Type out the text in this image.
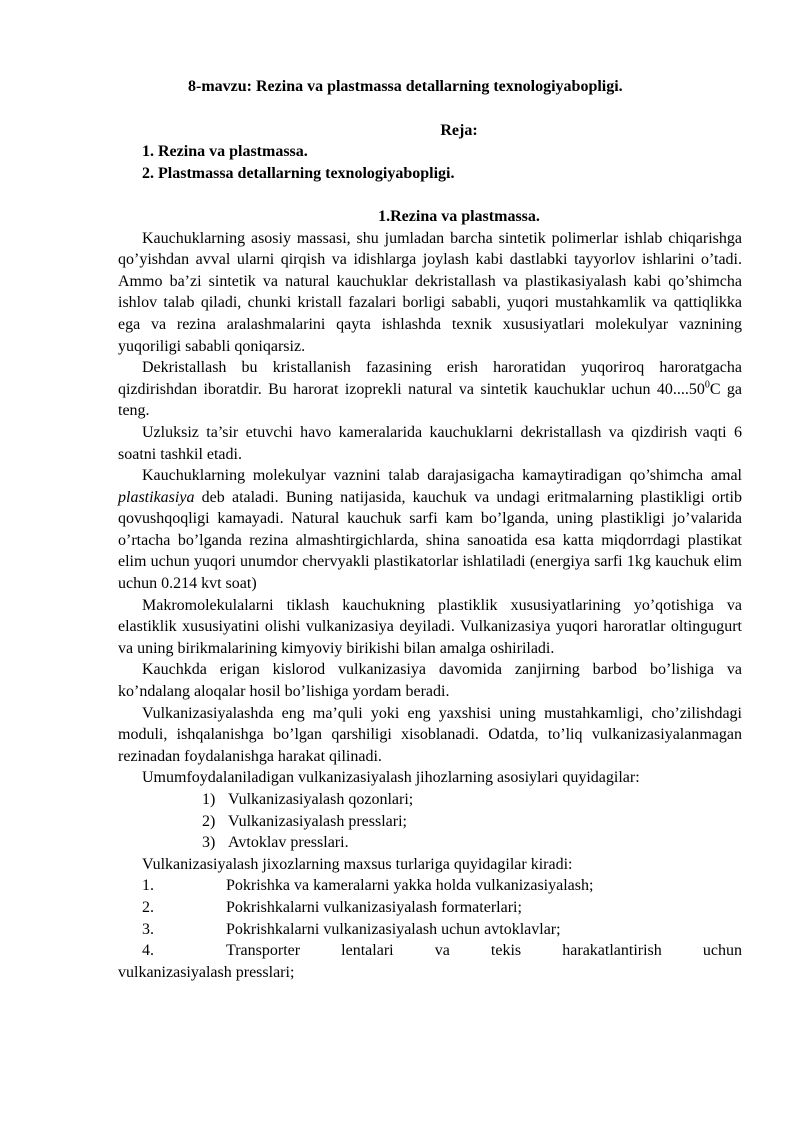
8-mavzu: Rezina va plastmassa detallarning texnologiyabopligi.
Reja:
1. Rezina va plastmassa.
2. Plastmassa detallarning texnologiyabopligi.
1.Rezina va plastmassa.

Kauchuklarning asosiy massasi, shu jumladan barcha sintetik polimerlar ishlab chiqarishga qo’yishdan avval ularni qirqish va idishlarga joylash kabi dastlabki tayyorlov ishlarini o’tadi. Ammo ba’zi sintetik va natural kauchuklar dekristallash va plastikasiyalash kabi qo’shimcha ishlov talab qiladi, chunki kristall fazalari borligi sababli, yuqori mustahkamlik va qattiqlikka ega va rezina aralashmalarini qayta ishlashda texnik xususiyatlari molekulyar vaznining yuqoriligi sababli qoniqarsiz.

Dekristallash bu kristallanish fazasining erish haroratidan yuqoriroq haroratgacha qizdirishdan iboratdir. Bu harorat izoprekli natural va sintetik kauchuklar uchun 40....50$^0$C ga teng.

Uzluksiz ta’sir etuvchi havo kameralarida kauchuklarni dekristallash va qizdirish vaqti 6 soatni tashkil etadi.

Kauchuklarning molekulyar vaznini talab darajasigacha kamaytiradigan qo’shimcha amal plastikasiya deb ataladi. Buning natijasida, kauchuk va undagi eritmalarning plastikligi ortib qovushqoqligi kamayadi. Natural kauchuk sarfi kam bo’lganda, uning plastikligi jo’valarida o’rtacha bo’lganda rezina almashtirgichlarda, shina sanoatida esa katta miqdorrdagi plastikat elim uchun yuqori unumdor chervyakli plastikatorlar ishlatiladi (energiya sarfi 1kg kauchuk elim uchun 0.214 kvt soat)

Makromolekulalarni tiklash kauchukning plastiklik xususiyatlarining yo’qotishiga va elastiklik xususiyatini olishi vulkanizasiya deyiladi. Vulkanizasiya yuqori haroratlar oltingugurt va uning birikmalarining kimyoviy birikishi bilan amalga oshiriladi.

Kauchkda erigan kislorod vulkanizasiya davomida zanjirning barbod bo’lishiga va ko’ndalang aloqalar hosil bo’lishiga yordam beradi.

Vulkanizasiyalashda eng ma’quli yoki eng yaxshisi uning mustahkamligi, cho’zilishdagi moduli, ishqalanishga bo’lgan qarshiligi xisoblanadi. Odatda, to’liq vulkanizasiyalanmagan rezinadan foydalanishga harakat qilinadi.

Umumfoydalaniladigan vulkanizasiyalash jihozlarning asosiylari quyidagilar:

1) Vulkanizasiyalash qozonlari;
2) Vulkanizasiyalash presslari;
3) Avtoklav presslari.

Vulkanizasiyalash jixozlarning maxsus turlariga quyidagilar kiradi:

1.	Pokrishka va kameralarni yakka holda vulkanizasiyalash;
2.	Pokrishkalarni vulkanizasiyalash formaterlari;
3.	Pokrishkalarni vulkanizasiyalash uchun avtoklavlar;
4.	Transporter lentalari va tekis harakatlantirish uchun
vulkanizasiyalash presslari;
